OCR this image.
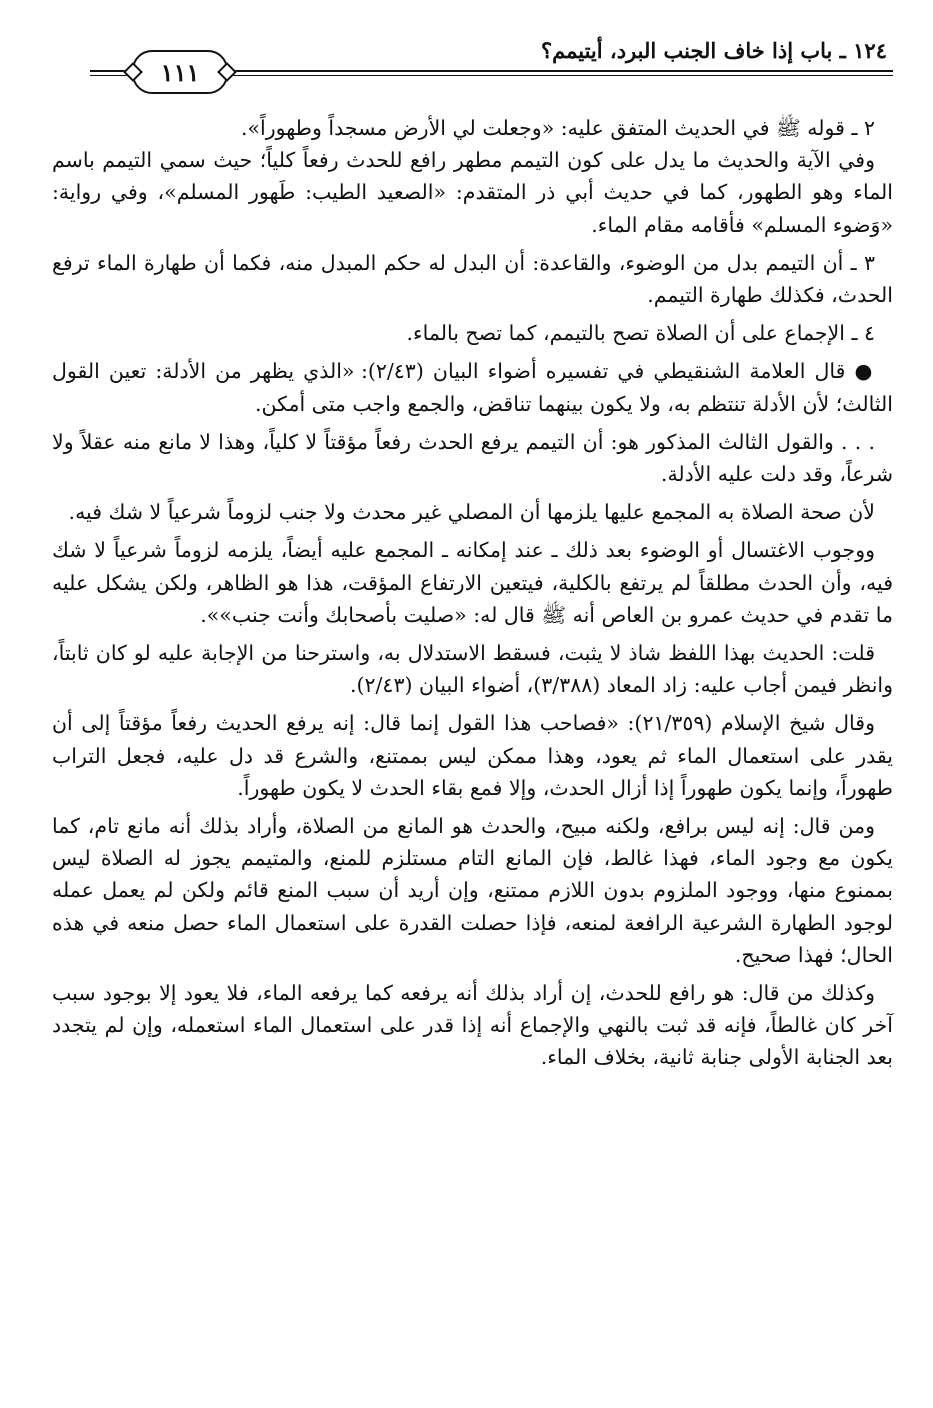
١٢٤ ـ باب إذا خاف الجنب البرد، أيتيمم؟
١١١

٢ ـ قوله ﷺ في الحديث المتفق عليه: «وجعلت لي الأرض مسجداً وطهوراً».

وفي الآية والحديث ما يدل على كون التيمم مطهر رافع للحدث رفعاً كلياً؛ حيث سمي التيمم باسم الماء وهو الطهور، كما في حديث أبي ذر المتقدم: «الصعيد الطيب: طَهور المسلم»، وفي رواية: «وَضوء المسلم» فأقامه مقام الماء.

٣ ـ أن التيمم بدل من الوضوء، والقاعدة: أن البدل له حكم المبدل منه، فكما أن طهارة الماء ترفع الحدث، فكذلك طهارة التيمم.

٤ ـ الإجماع على أن الصلاة تصح بالتيمم، كما تصح بالماء.

● قال العلامة الشنقيطي في تفسيره أضواء البيان (٢/٤٣): «الذي يظهر من الأدلة: تعين القول الثالث؛ لأن الأدلة تنتظم به، ولا يكون بينهما تناقض، والجمع واجب متى أمكن.

. . . والقول الثالث المذكور هو: أن التيمم يرفع الحدث رفعاً مؤقتاً لا كلياً، وهذا لا مانع منه عقلاً ولا شرعاً، وقد دلت عليه الأدلة.

لأن صحة الصلاة به المجمع عليها يلزمها أن المصلي غير محدث ولا جنب لزوماً شرعياً لا شك فيه.

ووجوب الاغتسال أو الوضوء بعد ذلك ـ عند إمكانه ـ المجمع عليه أيضاً، يلزمه لزوماً شرعياً لا شك فيه، وأن الحدث مطلقاً لم يرتفع بالكلية، فيتعين الارتفاع المؤقت، هذا هو الظاهر، ولكن يشكل عليه ما تقدم في حديث عمرو بن العاص أنه ﷺ قال له: «صليت بأصحابك وأنت جنب»».

قلت: الحديث بهذا اللفظ شاذ لا يثبت، فسقط الاستدلال به، واسترحنا من الإجابة عليه لو كان ثابتاً، وانظر فيمن أجاب عليه: زاد المعاد (٣/٣٨٨)، أضواء البيان (٢/٤٣).

وقال شيخ الإسلام (٢١/٣٥٩): «فصاحب هذا القول إنما قال: إنه يرفع الحديث رفعاً مؤقتاً إلى أن يقدر على استعمال الماء ثم يعود، وهذا ممكن ليس بممتنع، والشرع قد دل عليه، فجعل التراب طهوراً، وإنما يكون طهوراً إذا أزال الحدث، وإلا فمع بقاء الحدث لا يكون طهوراً.

ومن قال: إنه ليس برافع، ولكنه مبيح، والحدث هو المانع من الصلاة، وأراد بذلك أنه مانع تام، كما يكون مع وجود الماء، فهذا غالط، فإن المانع التام مستلزم للمنع، والمتيمم يجوز له الصلاة ليس بممنوع منها، ووجود الملزوم بدون اللازم ممتنع، وإن أريد أن سبب المنع قائم ولكن لم يعمل عمله لوجود الطهارة الشرعية الرافعة لمنعه، فإذا حصلت القدرة على استعمال الماء حصل منعه في هذه الحال؛ فهذا صحيح.

وكذلك من قال: هو رافع للحدث، إن أراد بذلك أنه يرفعه كما يرفعه الماء، فلا يعود إلا بوجود سبب آخر كان غالطاً، فإنه قد ثبت بالنهي والإجماع أنه إذا قدر على استعمال الماء استعمله، وإن لم يتجدد بعد الجنابة الأولى جنابة ثانية، بخلاف الماء.
